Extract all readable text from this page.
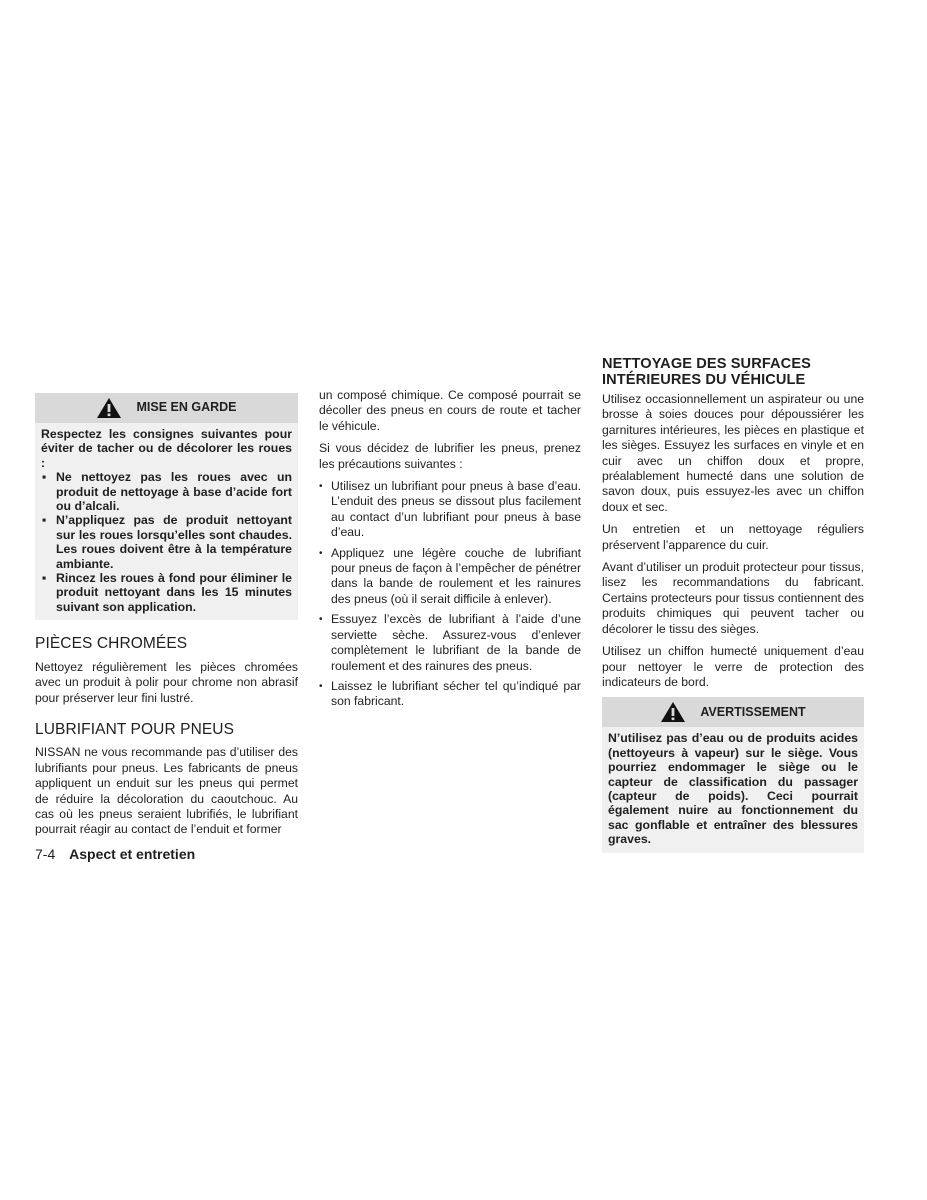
MISE EN GARDE
Respectez les consignes suivantes pour éviter de tacher ou de décolorer les roues :
▪ Ne nettoyez pas les roues avec un produit de nettoyage à base d’acide fort ou d’alcali.
▪ N’appliquez pas de produit nettoyant sur les roues lorsqu’elles sont chaudes. Les roues doivent être à la température ambiante.
▪ Rincez les roues à fond pour éliminer le produit nettoyant dans les 15 minutes suivant son application.
PIÈCES CHROMÉES

Nettoyez régulièrement les pièces chromées avec un produit à polir pour chrome non abrasif pour préserver leur fini lustré.

LUBRIFIANT POUR PNEUS

NISSAN ne vous recommande pas d’utiliser des lubrifiants pour pneus. Les fabricants de pneus appliquent un enduit sur les pneus qui permet de réduire la décoloration du caoutchouc. Au cas où les pneus seraient lubrifiés, le lubrifiant pourrait réagir au contact de l’enduit et former

un composé chimique. Ce composé pourrait se décoller des pneus en cours de route et tacher le véhicule.

Si vous décidez de lubrifier les pneus, prenez les précautions suivantes :

• Utilisez un lubrifiant pour pneus à base d’eau. L’enduit des pneus se dissout plus facilement au contact d’un lubrifiant pour pneus à base d’eau.
• Appliquez une légère couche de lubrifiant pour pneus de façon à l’empêcher de pénétrer dans la bande de roulement et les rainures des pneus (où il serait difficile à enlever).
• Essuyez l’excès de lubrifiant à l’aide d’une serviette sèche. Assurez-vous d’enlever complètement le lubrifiant de la bande de roulement et des rainures des pneus.
• Laissez le lubrifiant sécher tel qu’indiqué par son fabricant.
NETTOYAGE DES SURFACES INTÉRIEURES DU VÉHICULE

Utilisez occasionnellement un aspirateur ou une brosse à soies douces pour dépoussiérer les garnitures intérieures, les pièces en plastique et les sièges. Essuyez les surfaces en vinyle et en cuir avec un chiffon doux et propre, préalablement humecté dans une solution de savon doux, puis essuyez-les avec un chiffon doux et sec.

Un entretien et un nettoyage réguliers préservent l’apparence du cuir.

Avant d’utiliser un produit protecteur pour tissus, lisez les recommandations du fabricant. Certains protecteurs pour tissus contiennent des produits chimiques qui peuvent tacher ou décolorer le tissu des sièges.

Utilisez un chiffon humecté uniquement d’eau pour nettoyer le verre de protection des indicateurs de bord.

AVERTISSEMENT
N’utilisez pas d’eau ou de produits acides (nettoyeurs à vapeur) sur le siège. Vous pourriez endommager le siège ou le capteur de classification du passager (capteur de poids). Ceci pourrait également nuire au fonctionnement du sac gonflable et entraîner des blessures graves.
7-4 Aspect et entretien
